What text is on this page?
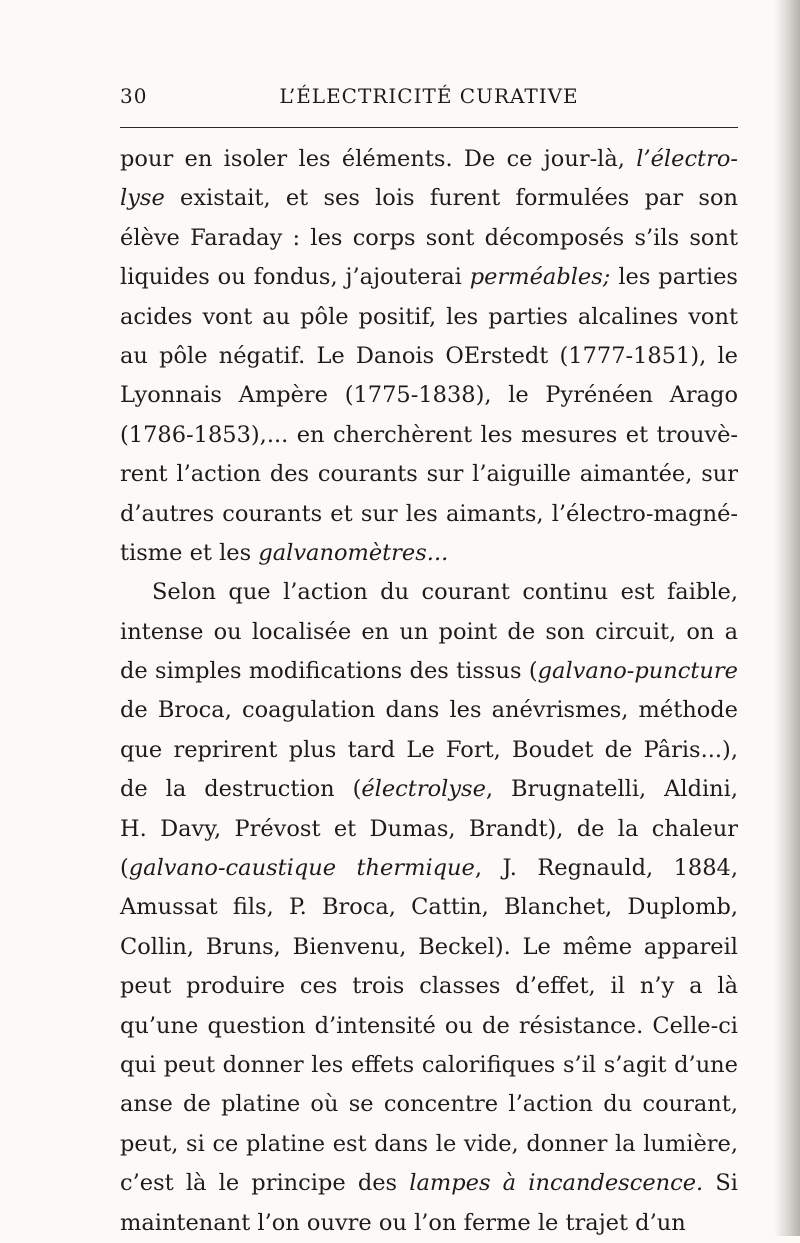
30	L’ÉLECTRICITÉ CURATIVE
pour en isoler les éléments. De ce jour-là, l’électro-
lyse existait, et ses lois furent formulées par son
élève Faraday : les corps sont décomposés s’ils sont
liquides ou fondus, j’ajouterai perméables; les parties
acides vont au pôle positif, les parties alcalines vont
au pôle négatif. Le Danois OErstedt (1777-1851), le
Lyonnais Ampère (1775-1838), le Pyrénéen Arago
(1786-1853),... en cherchèrent les mesures et trouvè-
rent l’action des courants sur l’aiguille aimantée, sur
d’autres courants et sur les aimants, l’électro-magné-
tisme et les galvanomètres...
Selon que l’action du courant continu est faible,
intense ou localisée en un point de son circuit, on a
de simples modifications des tissus (galvano-puncture
de Broca, coagulation dans les anévrismes, méthode
que reprirent plus tard Le Fort, Boudet de Pâris...),
de la destruction (électrolyse, Brugnatelli, Aldini,
H. Davy, Prévost et Dumas, Brandt), de la chaleur
(galvano-caustique thermique, J. Regnauld, 1884,
Amussat fils, P. Broca, Cattin, Blanchet, Duplomb,
Collin, Bruns, Bienvenu, Beckel). Le même appareil
peut produire ces trois classes d’effet, il n’y a là
qu’une question d’intensité ou de résistance. Celle-ci
qui peut donner les effets calorifiques s’il s’agit d’une
anse de platine où se concentre l’action du courant,
peut, si ce platine est dans le vide, donner la lumière,
c’est là le principe des lampes à incandescence. Si
maintenant l’on ouvre ou l’on ferme le trajet d’un
